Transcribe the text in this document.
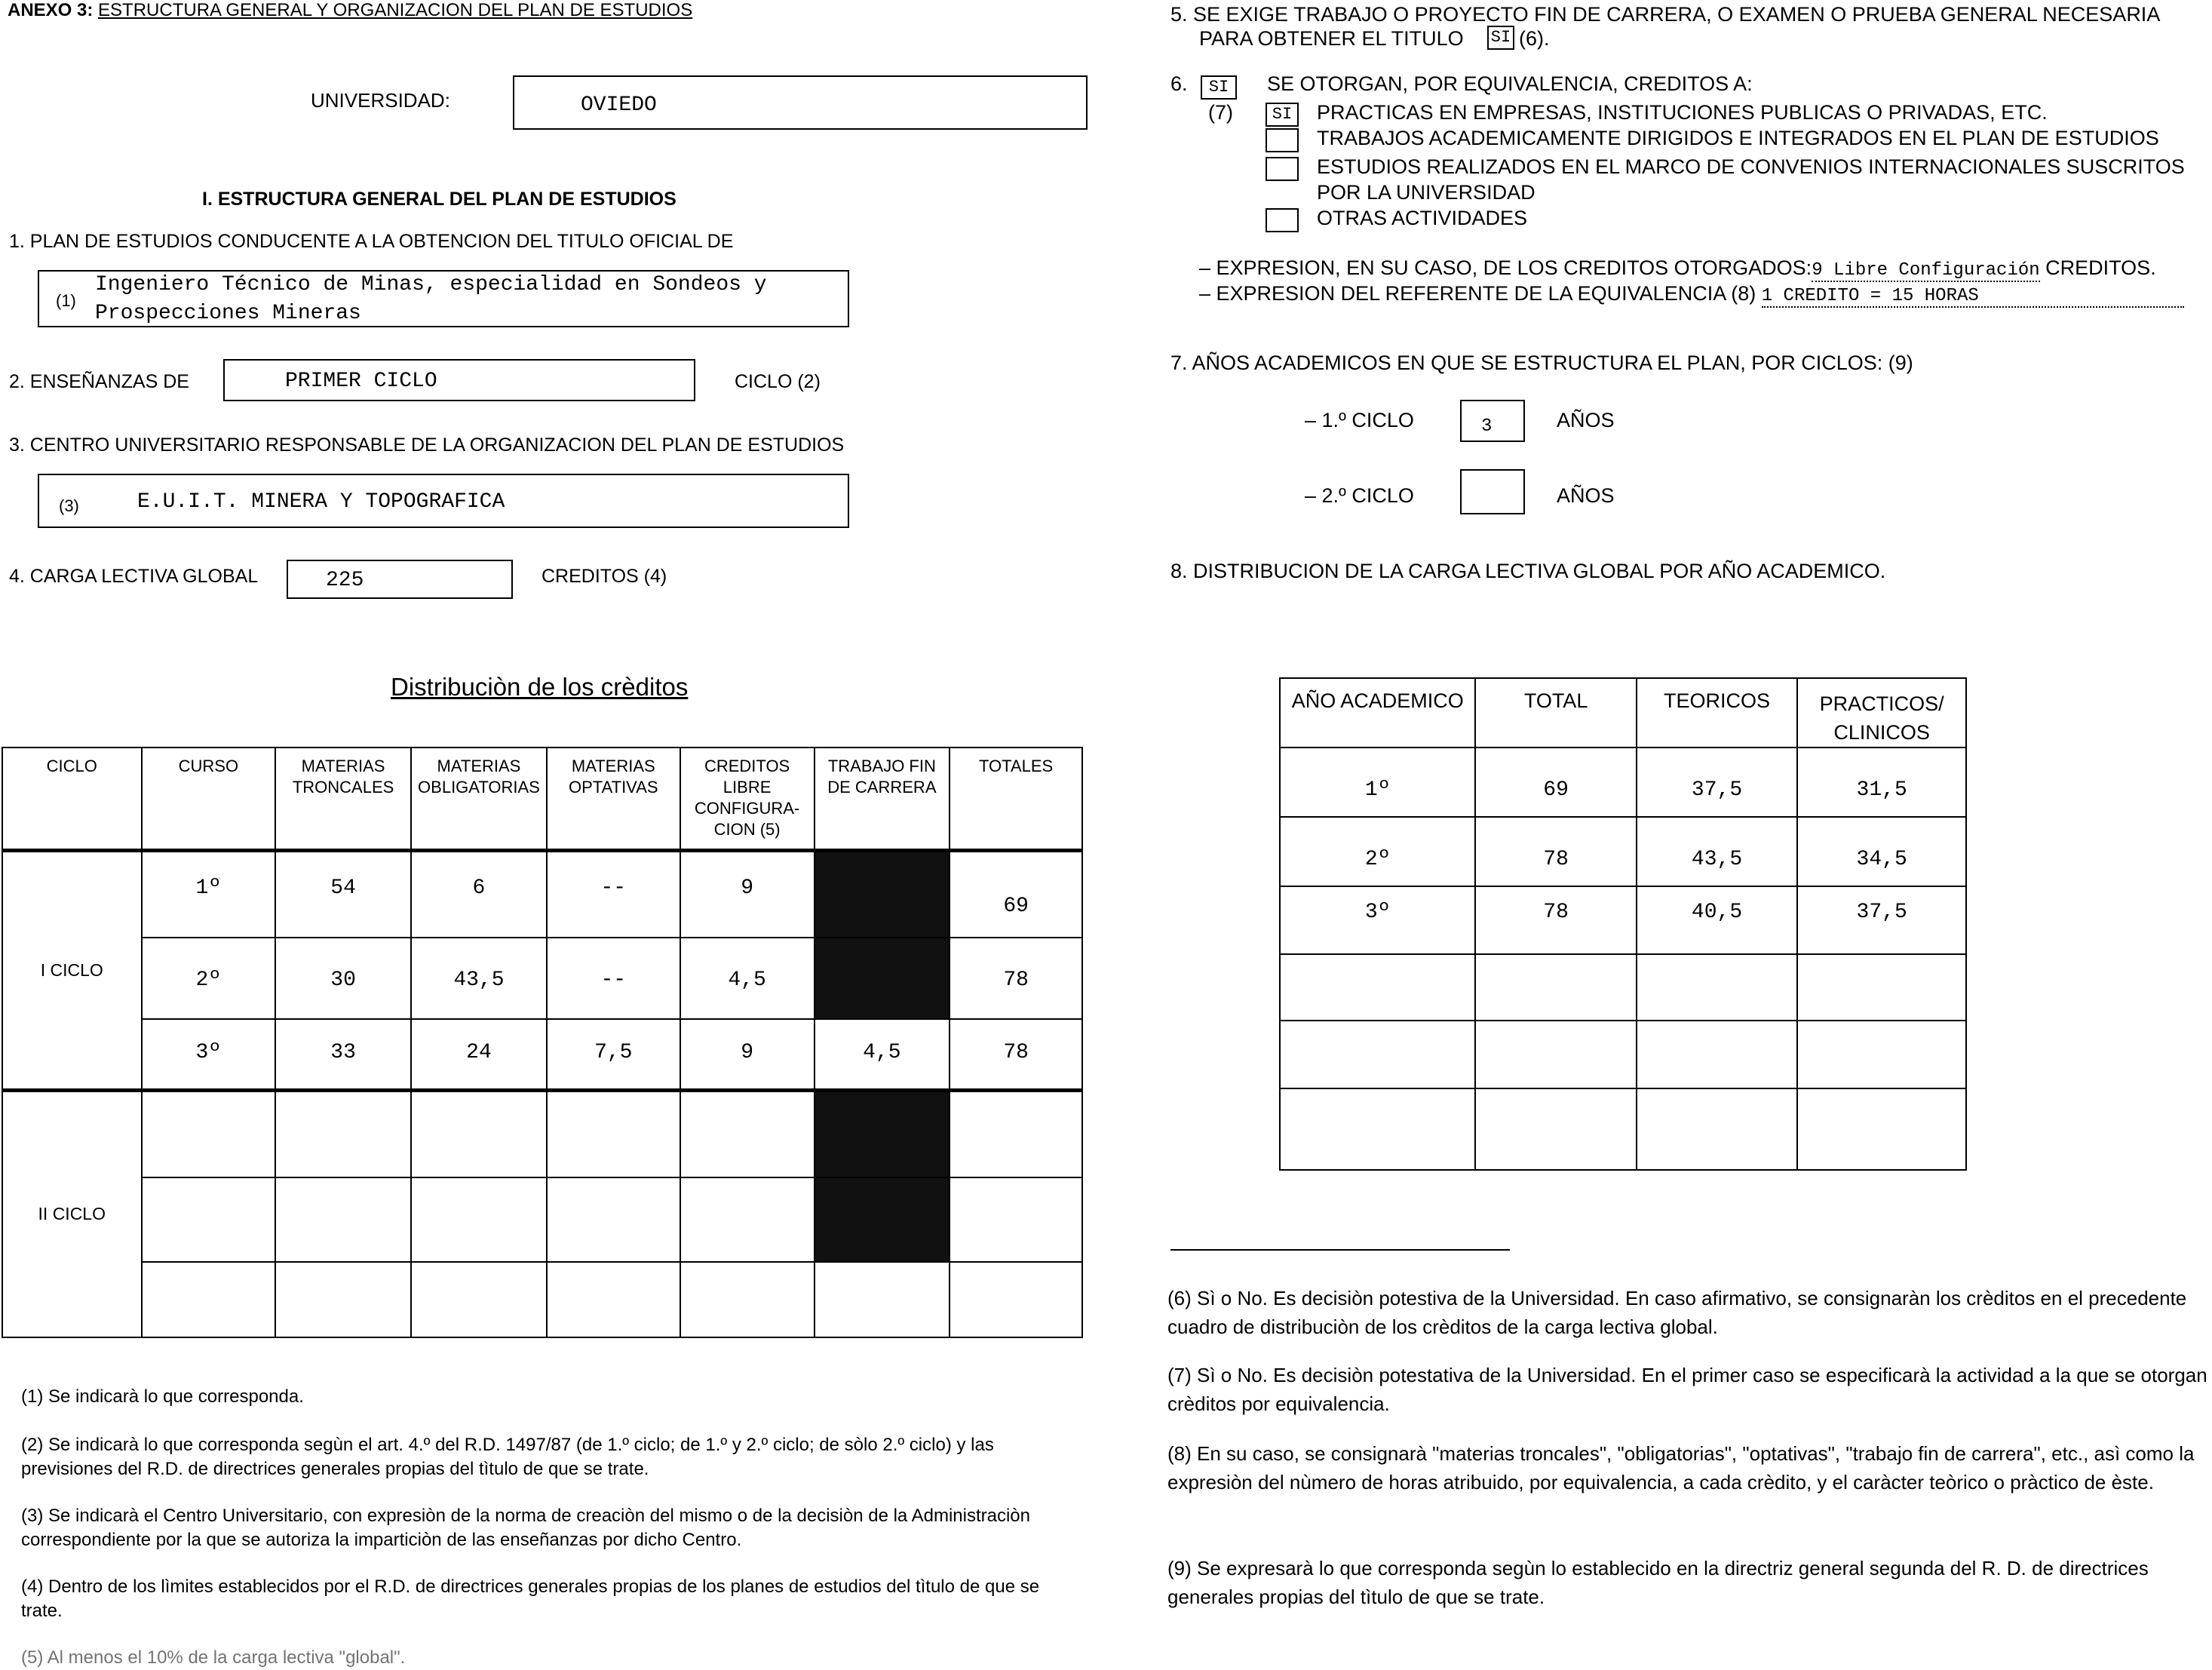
ANEXO 3: ESTRUCTURA GENERAL Y ORGANIZACION DEL PLAN DE ESTUDIOS
UNIVERSIDAD:	OVIEDO
I. ESTRUCTURA GENERAL DEL PLAN DE ESTUDIOS
1. PLAN DE ESTUDIOS CONDUCENTE A LA OBTENCION DEL TITULO OFICIAL DE
(1)
Ingeniero Técnico de Minas, especialidad en Sondeos y
Prospecciones Mineras
2. ENSEÑANZAS DE	PRIMER CICLO	CICLO (2)
3. CENTRO UNIVERSITARIO RESPONSABLE DE LA ORGANIZACION DEL PLAN DE ESTUDIOS
(3)	E.U.I.T. MINERA Y TOPOGRAFICA
4. CARGA LECTIVA GLOBAL	225	CREDITOS (4)
Distribuciòn de los crèditos
CICLO	CURSO	MATERIAS TRONCALES	MATERIAS OBLIGATORIAS	MATERIAS OPTATIVAS	CREDITOS LIBRE CONFIGURA- CION (5)	TRABAJO FIN DE CARRERA	TOTALES
I CICLO	1º	54	6	--	9		69
	2º	30	43,5	--	4,5		78
	3º	33	24	7,5	9	4,5	78
II CICLO							

(1) Se indicarà lo que corresponda.
(2) Se indicarà lo que corresponda segùn el art. 4.º del R.D. 1497/87 (de 1.º ciclo; de 1.º y 2.º ciclo; de sòlo 2.º ciclo) y las previsiones del R.D. de directrices generales propias del tìtulo de que se trate.
(3) Se indicarà el Centro Universitario, con expresiòn de la norma de creaciòn del mismo o de la decisiòn de la Administraciòn correspondiente por la que se autoriza la imparticiòn de las enseñanzas por dicho Centro.
(4) Dentro de los lìmites establecidos por el R.D. de directrices generales propias de los planes de estudios del tìtulo de que se trate.
(5) Al menos el 10% de la carga lectiva "global".
5. SE EXIGE TRABAJO O PROYECTO FIN DE CARRERA, O EXAMEN O PRUEBA GENERAL NECESARIA
PARA OBTENER EL TITULO SI (6).
6.	SI
(7)
SE OTORGAN, POR EQUIVALENCIA, CREDITOS A:
SI	PRACTICAS EN EMPRESAS, INSTITUCIONES PUBLICAS O PRIVADAS, ETC.
TRABAJOS ACADEMICAMENTE DIRIGIDOS E INTEGRADOS EN EL PLAN DE ESTUDIOS
ESTUDIOS REALIZADOS EN EL MARCO DE CONVENIOS INTERNACIONALES SUSCRITOS
POR LA UNIVERSIDAD
OTRAS ACTIVIDADES
– EXPRESION, EN SU CASO, DE LOS CREDITOS OTORGADOS:9 Libre Configuración CREDITOS.
– EXPRESION DEL REFERENTE DE LA EQUIVALENCIA (8) 1 CREDITO = 15 HORAS
7. AÑOS ACADEMICOS EN QUE SE ESTRUCTURA EL PLAN, POR CICLOS: (9)
– 1.º CICLO	3	AÑOS
– 2.º CICLO	AÑOS
8. DISTRIBUCION DE LA CARGA LECTIVA GLOBAL POR AÑO ACADEMICO.
AÑO ACADEMICO	TOTAL	TEORICOS	PRACTICOS/ CLINICOS
1º	69	37,5	31,5
2º	78	43,5	34,5
3º	78	40,5	37,5

(6) Sì o No. Es decisiòn potestiva de la Universidad. En caso afirmativo, se consignaràn los crèditos en el precedente cuadro de distribuciòn de los crèditos de la carga lectiva global.
(7) Sì o No. Es decisiòn potestativa de la Universidad. En el primer caso se especificarà la actividad a la que se otorgan crèditos por equivalencia.
(8) En su caso, se consignarà "materias troncales", "obligatorias", "optativas", "trabajo fin de carrera", etc., asì como la expresiòn del nùmero de horas atribuido, por equivalencia, a cada crèdito, y el caràcter teòrico o pràctico de èste.
(9) Se expresarà lo que corresponda segùn lo establecido en la directriz general segunda del R. D. de directrices generales propias del tìtulo de que se trate.
